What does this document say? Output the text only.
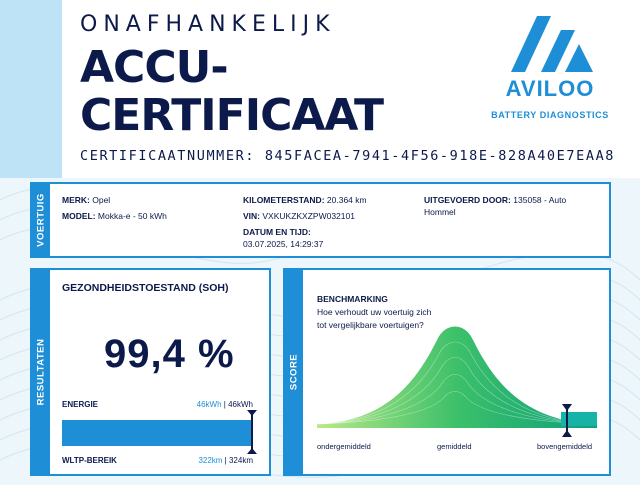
ONAFHANKELIJK
ACCU-
CERTIFICAAT
CERTIFICAATNUMMER: 845FACEA-7941-4F56-918E-828A40E7EAA8
AVILOO
BATTERY DIAGNOSTICS
VOERTUIG MERK: Opel
MODEL: Mokka-e - 50 kWh
KILOMETERSTAND: 20.364 km
VIN: VXKUKZKXZPW032101
DATUM EN TIJD:
03.07.2025, 14:29:37
UITGEVOERD DOOR: 135058 - Auto Hommel
RESULTATEN
GEZONDHEIDSTOESTAND (SOH)
99,4 %
ENERGIE	46kWh | 46kWh
WLTP-BEREIK	322km | 324km
SCORE
BENCHMARKING
Hoe verhoudt uw voertuig zich tot vergelijkbare voertuigen?
ondergemiddeld	gemiddeld	bovengemiddeld
